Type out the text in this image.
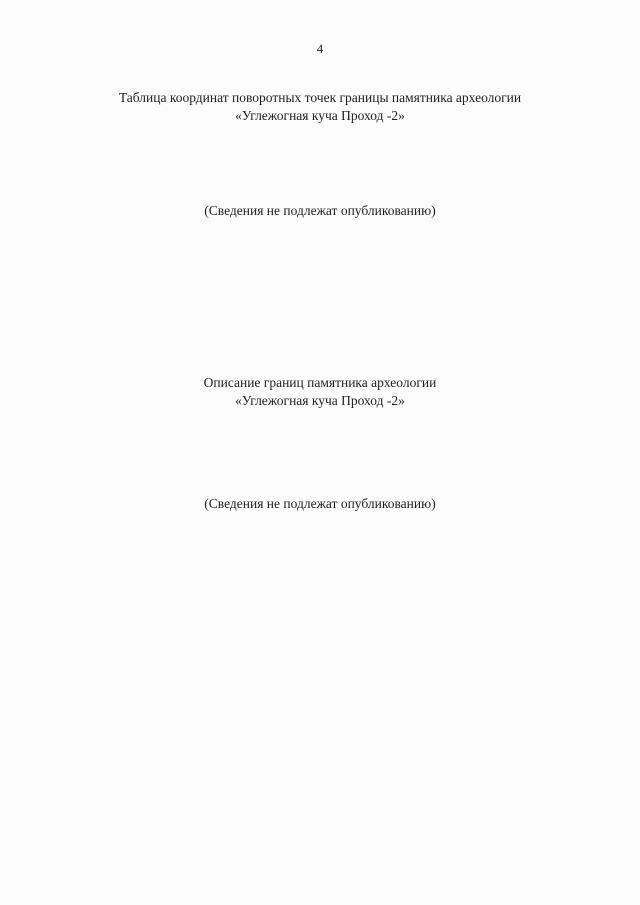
4
Таблица координат поворотных точек границы памятника археологии
«Углежогная куча Проход -2»
(Сведения не подлежат опубликованию)
Описание границ памятника археологии
«Углежогная куча Проход -2»
(Сведения не подлежат опубликованию)
